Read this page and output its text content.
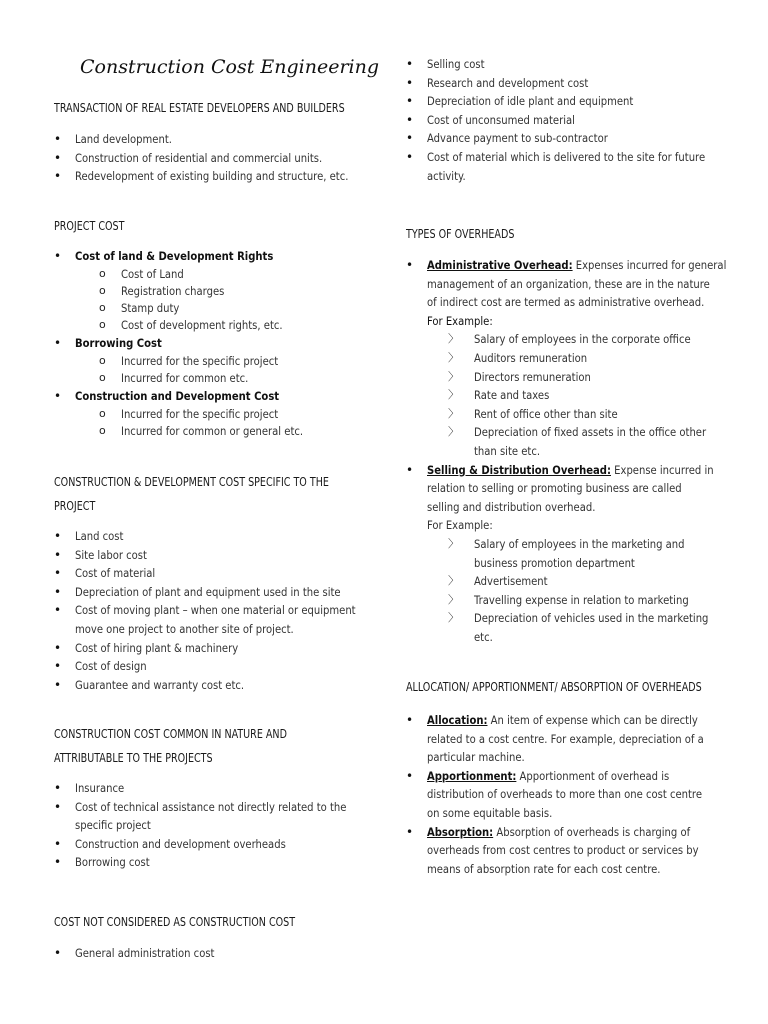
Construction Cost Engineering
TRANSACTION OF REAL ESTATE DEVELOPERS AND BUILDERS
• Land development.
• Construction of residential and commercial units.
• Redevelopment of existing building and structure, etc.
PROJECT COST
• Cost of land & Development Rights
o Cost of Land
o Registration charges
o Stamp duty
o Cost of development rights, etc.
• Borrowing Cost
o Incurred for the specific project
o Incurred for common etc.
• Construction and Development Cost
o Incurred for the specific project
o Incurred for common or general etc.
CONSTRUCTION & DEVELOPMENT COST SPECIFIC TO THE
PROJECT
• Land cost
• Site labor cost
• Cost of material
• Depreciation of plant and equipment used in the site
• Cost of moving plant – when one material or equipment
move one project to another site of project.
• Cost of hiring plant & machinery
• Cost of design
• Guarantee and warranty cost etc.
CONSTRUCTION COST COMMON IN NATURE AND
ATTRIBUTABLE TO THE PROJECTS
• Insurance
• Cost of technical assistance not directly related to the
specific project
• Construction and development overheads
• Borrowing cost
COST NOT CONSIDERED AS CONSTRUCTION COST
• General administration cost
• Selling cost
• Research and development cost
• Depreciation of idle plant and equipment
• Cost of unconsumed material
• Advance payment to sub-contractor
• Cost of material which is delivered to the site for future
activity.
TYPES OF OVERHEADS
• Administrative Overhead: Expenses incurred for general
management of an organization, these are in the nature
of indirect cost are termed as administrative overhead.
For Example:
〉 Salary of employees in the corporate office
〉 Auditors remuneration
〉 Directors remuneration
〉 Rate and taxes
〉 Rent of office other than site
〉 Depreciation of fixed assets in the office other
than site etc.
• Selling & Distribution Overhead: Expense incurred in
relation to selling or promoting business are called
selling and distribution overhead.
For Example:
〉 Salary of employees in the marketing and
business promotion department
〉 Advertisement
〉 Travelling expense in relation to marketing
〉 Depreciation of vehicles used in the marketing
etc.
ALLOCATION/ APPORTIONMENT/ ABSORPTION OF OVERHEADS
• Allocation: An item of expense which can be directly
related to a cost centre. For example, depreciation of a
particular machine.
• Apportionment: Apportionment of overhead is
distribution of overheads to more than one cost centre
on some equitable basis.
• Absorption: Absorption of overheads is charging of
overheads from cost centres to product or services by
means of absorption rate for each cost centre.
